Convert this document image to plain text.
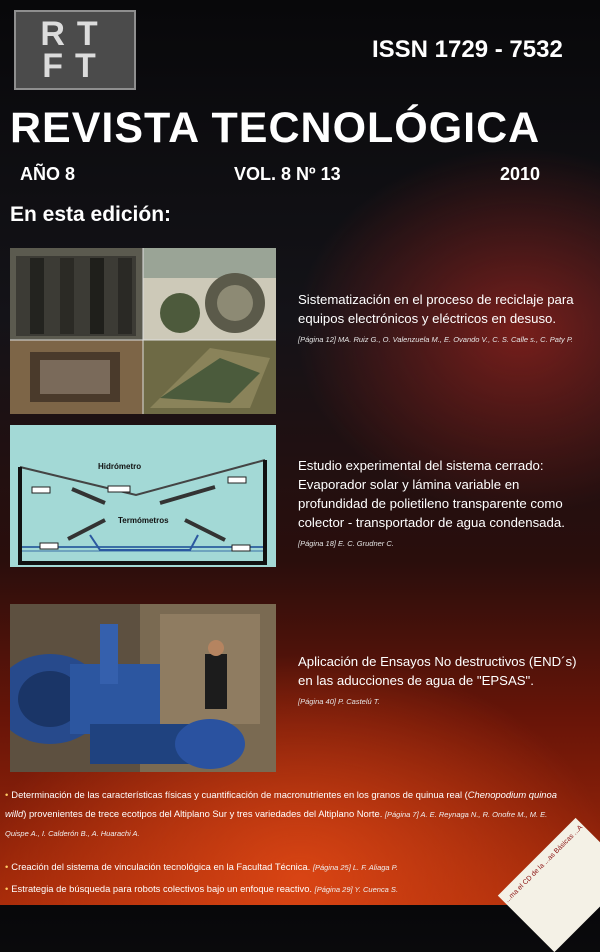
RT
FT	ISSN 1729 - 7532
REVISTA TECNOLÓGICA
AÑO 8	VOL. 8 Nº 13	2010
En esta edición:
Sistematización en el proceso de reciclaje para equipos electrónicos y eléctricos en desuso.
[Página 12] MA. Ruiz G., O. Valenzuela M., E. Ovando V., C. S. Calle s., C. Paty P.
Hidrómetro
Termómetros
Estudio experimental del sistema cerrado: Evaporador solar y lámina variable en profundidad de polietileno transparente como colector - transportador de agua condensada.
[Página 18] E. C. Grudner C.
Aplicación de Ensayos No destructivos (END´s) en las aducciones de agua de "EPSAS".
[Página 40] P. Castelú T.
• Determinación de las características físicas y cuantificación de macronutrientes en los granos de quinua real (Chenopodium quinoa willd) provenientes de trece ecotipos del Altiplano Sur y tres variedades del Altiplano Norte. [Página 7] A. E. Reynaga N., R. Onofre M., M. E. Quispe A., I. Calderón B., A. Huarachi A.
• Creación del sistema de vinculación tecnológica en la Facultad Técnica. [Página 25] L. F. Aliaga P.
• Estrategia de búsqueda para robots colectivos bajo un enfoque reactivo. [Página 29] Y. Cuenca S.	...ma el CD de la ...as Básicas ...A
